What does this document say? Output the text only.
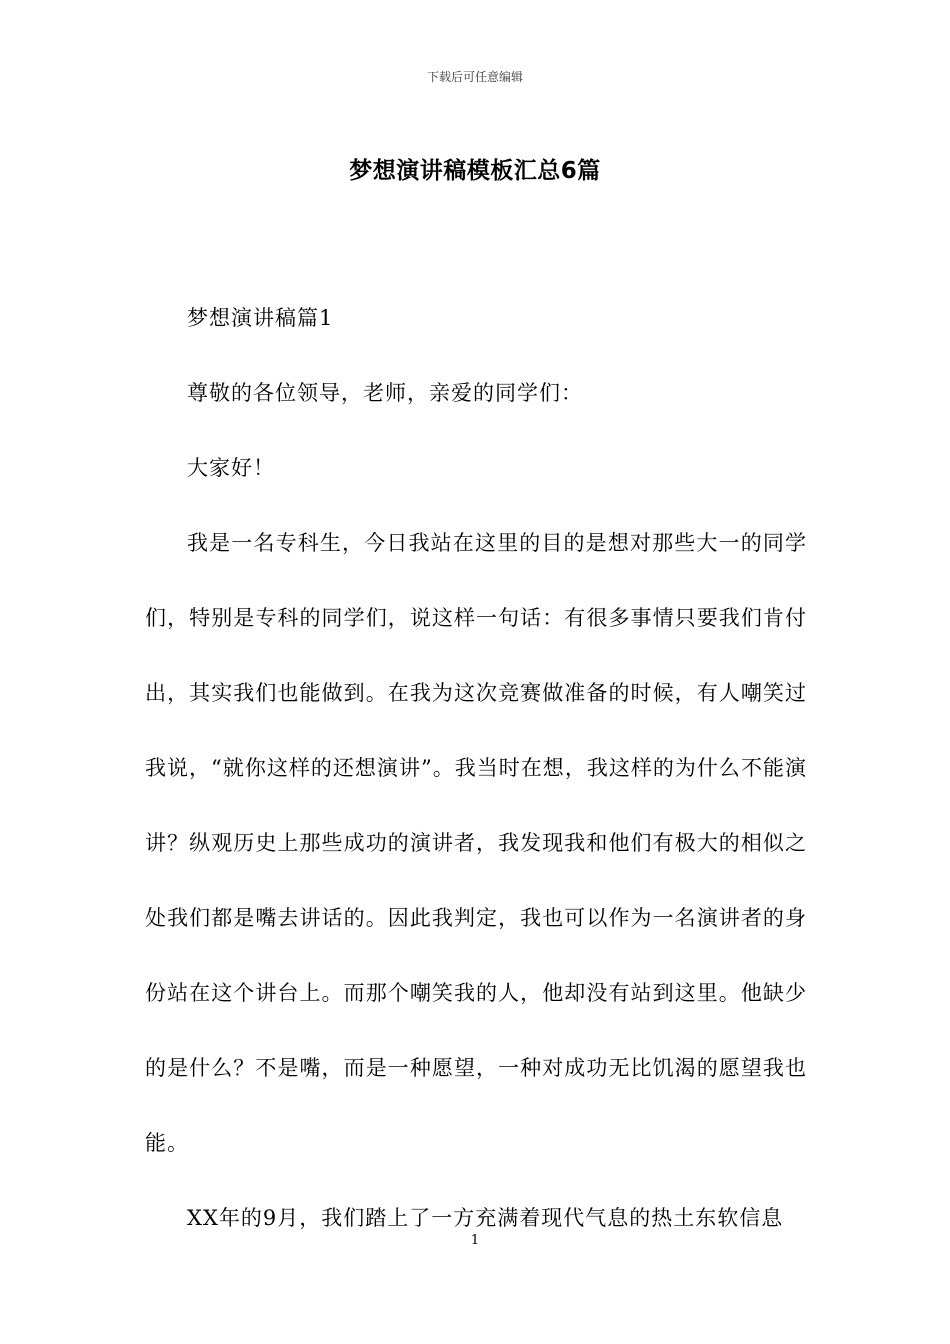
下载后可任意编辑
梦想演讲稿模板汇总6篇

梦想演讲稿篇1

尊敬的各位领导，老师，亲爱的同学们：

大家好！

我是一名专科生，今日我站在这里的目的是想对那些大一的同学们，特别是专科的同学们，说这样一句话：有很多事情只要我们肯付出，其实我们也能做到。在我为这次竞赛做准备的时候，有人嘲笑过我说，“就你这样的还想演讲”。我当时在想，我这样的为什么不能演讲？纵观历史上那些成功的演讲者，我发现我和他们有极大的相似之处我们都是嘴去讲话的。因此我判定，我也可以作为一名演讲者的身份站在这个讲台上。而那个嘲笑我的人，他却没有站到这里。他缺少的是什么？不是嘴，而是一种愿望，一种对成功无比饥渴的愿望我也能。

XX年的9月，我们踏上了一方充满着现代气息的热土东软信息

1
